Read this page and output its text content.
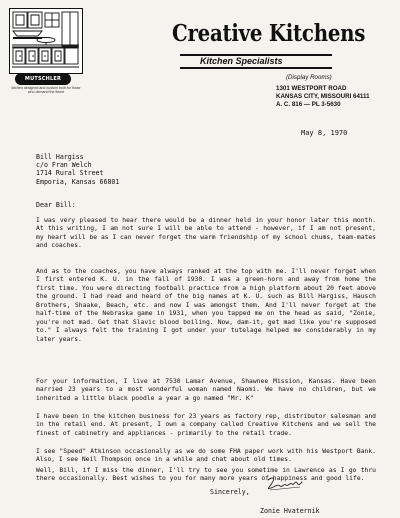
MUTSCHLER
kitchen designed and custom built for those who demand the finest
Creative Kitchens
Kitchen Specialists
(Display Rooms)
1301 WESTPORT ROAD
KANSAS CITY, MISSOURI 64111
A. C. 816 — PL 3-5630
May 8, 1970
Bill Hargiss
c/o Fran Welch
1714 Rural Street
Emporia, Kansas 66801
Dear Bill:

I was very pleased to hear there would be a dinner held in your honor later this month. At this writing, I am not sure I will be able to attend - however, if I am not present, my heart will be as I can never forget the warm friendship of my school chums, team-mates and coaches.

And as to the coaches, you have always ranked at the top with me. I'll never forget when I first entered K. U. in the fall of 1930. I was a green-horn and away from home the first time. You were directing football practice from a high platform about 20 feet above the ground. I had read and heard of the big names at K. U. such as Bill Hargiss, Hausch Brothers, Shaake, Beach, etc. and now I was amongst them. And I'll never forget at the half-time of the Nebraska game in 1931, when you tapped me on the head as said, "Zonie, you're not mad. Get that Slavic blood boiling. Now, dam-it, get mad like you're supposed to." I always felt the training I got under your tutelage helped me considerably in my later years.

For your information, I live at 7530 Lamar Avenue, Shawnee Mission, Kansas. Have been married 23 years to a most wonderful woman named Naomi. We have no children, but we inherited a little black poodle a year a go named "Mr. K"

I have been in the kitchen business for 23 years as factory rep, distributor salesman and in the retail end. At present, I own a company called Creative Kitchens and we sell the finest of cabinetry and appliances - primarily to the retail trade.

I see "Speed" Atkinson occasionally as we do some FHA paper work with his Westport Bank. Also, I see Neil Thompson once in a while and chat about old times.

Well, Bill, if I miss the dinner, I'll try to see you sometime in Lawrence as I go thru there occasionally. Best wishes to you for many more years of happiness and good life.

Sincerely,
Zonie Hvaternik
